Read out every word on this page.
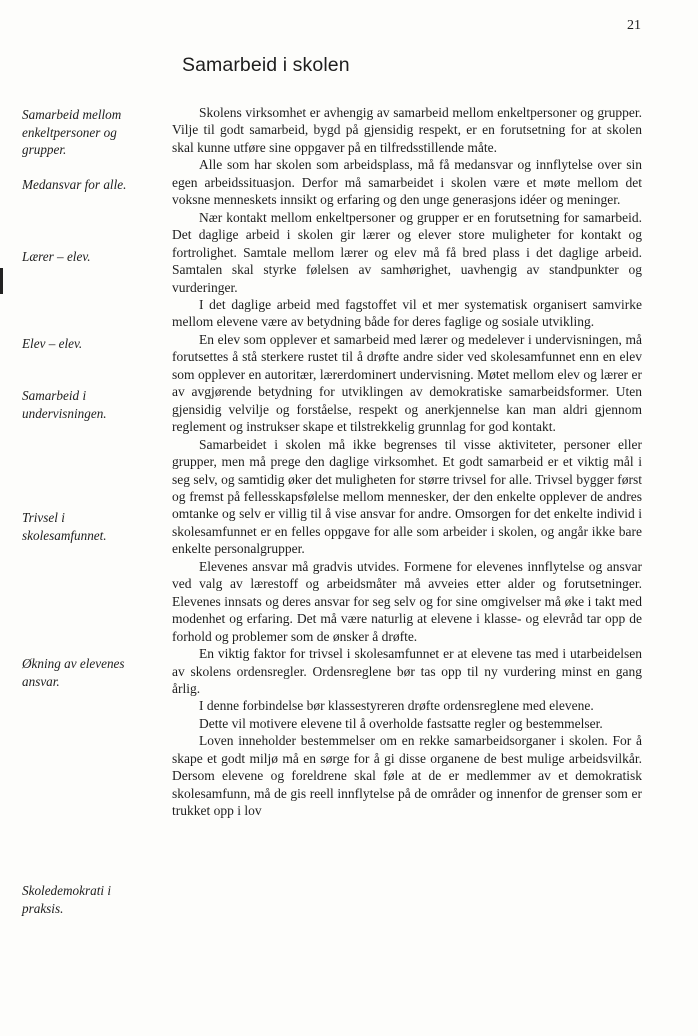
21
Samarbeid i skolen
Samarbeid mellom enkeltpersoner og grupper.
Medansvar for alle.
Lærer – elev.
Elev – elev.
Samarbeid i undervisningen.
Trivsel i skolesamfunnet.
Økning av elevenes ansvar.
Skoledemokrati i praksis.

Skolens virksomhet er avhengig av samarbeid mellom enkeltpersoner og grupper. Vilje til godt samarbeid, bygd på gjensidig respekt, er en forutsetning for at skolen skal kunne utføre sine oppgaver på en tilfredsstillende måte.

Alle som har skolen som arbeidsplass, må få medansvar og innflytelse over sin egen arbeidssituasjon. Derfor må samarbeidet i skolen være et møte mellom det voksne menneskets innsikt og erfaring og den unge generasjons idéer og meninger.

Nær kontakt mellom enkeltpersoner og grupper er en forutsetning for samarbeid. Det daglige arbeid i skolen gir lærer og elever store muligheter for kontakt og fortrolighet. Samtale mellom lærer og elev må få bred plass i det daglige arbeid. Samtalen skal styrke følelsen av samhørighet, uavhengig av standpunkter og vurderinger.

I det daglige arbeid med fagstoffet vil et mer systematisk organisert samvirke mellom elevene være av betydning både for deres faglige og sosiale utvikling.

En elev som opplever et samarbeid med lærer og medelever i undervisningen, må forutsettes å stå sterkere rustet til å drøfte andre sider ved skolesamfunnet enn en elev som opplever en autoritær, lærerdominert undervisning. Møtet mellom elev og lærer er av avgjørende betydning for utviklingen av demokratiske samarbeidsformer. Uten gjensidig velvilje og forståelse, respekt og anerkjennelse kan man aldri gjennom reglement og instrukser skape et tilstrekkelig grunnlag for god kontakt.

Samarbeidet i skolen må ikke begrenses til visse aktiviteter, personer eller grupper, men må prege den daglige virksomhet. Et godt samarbeid er et viktig mål i seg selv, og samtidig øker det muligheten for større trivsel for alle. Trivsel bygger først og fremst på fellesskapsfølelse mellom mennesker, der den enkelte opplever de andres omtanke og selv er villig til å vise ansvar for andre. Omsorgen for det enkelte individ i skolesamfunnet er en felles oppgave for alle som arbeider i skolen, og angår ikke bare enkelte personalgrupper.

Elevenes ansvar må gradvis utvides. Formene for elevenes innflytelse og ansvar ved valg av lærestoff og arbeidsmåter må avveies etter alder og forutsetninger. Elevenes innsats og deres ansvar for seg selv og for sine omgivelser må øke i takt med modenhet og erfaring. Det må være naturlig at elevene i klasse- og elevråd tar opp de forhold og problemer som de ønsker å drøfte.

En viktig faktor for trivsel i skolesamfunnet er at elevene tas med i utarbeidelsen av skolens ordensregler. Ordensreglene bør tas opp til ny vurdering minst en gang årlig.

I denne forbindelse bør klassestyreren drøfte ordensreglene med elevene.

Dette vil motivere elevene til å overholde fastsatte regler og bestemmelser.

Loven inneholder bestemmelser om en rekke samarbeidsorganer i skolen. For å skape et godt miljø må en sørge for å gi disse organene de best mulige arbeidsvilkår. Dersom elevene og foreldrene skal føle at de er medlemmer av et demokratisk skolesamfunn, må de gis reell innflytelse på de områder og innenfor de grenser som er trukket opp i lov
